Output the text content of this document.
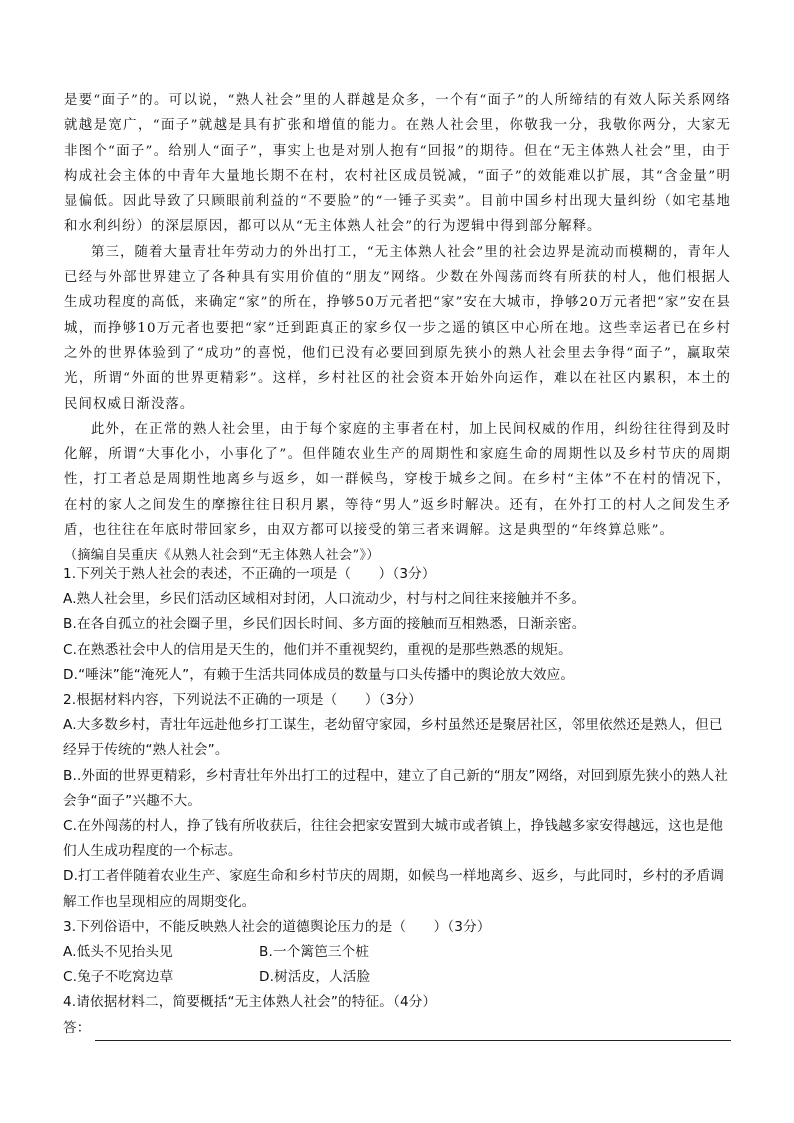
是要“面子”的。可以说，“熟人社会”里的人群越是众多，一个有“面子”的人所缔结的有效人际关系网络就越是宽广，“面子”就越是具有扩张和增值的能力。在熟人社会里，你敬我一分，我敬你两分，大家无非图个“面子”。给别人“面子”，事实上也是对别人抱有“回报”的期待。但在“无主体熟人社会”里，由于构成社会主体的中青年大量地长期不在村，农村社区成员锐减，“面子”的效能难以扩展，其“含金量”明显偏低。因此导致了只顾眼前利益的“不要脸”的“一锤子买卖”。目前中国乡村出现大量纠纷（如宅基地和水利纠纷）的深层原因，都可以从“无主体熟人社会”的行为逻辑中得到部分解释。

第三，随着大量青壮年劳动力的外出打工，“无主体熟人社会”里的社会边界是流动而模糊的，青年人已经与外部世界建立了各种具有实用价值的“朋友”网络。少数在外闯荡而终有所获的村人，他们根据人生成功程度的高低，来确定“家”的所在，挣够50万元者把“家”安在大城市，挣够20万元者把“家”安在县城，而挣够10万元者也要把“家”迁到距真正的家乡仅一步之遥的镇区中心所在地。这些幸运者已在乡村之外的世界体验到了“成功”的喜悦，他们已没有必要回到原先狭小的熟人社会里去争得“面子”，赢取荣光，所谓“外面的世界更精彩”。这样，乡村社区的社会资本开始外向运作，难以在社区内累积，本土的民间权威日渐没落。

此外，在正常的熟人社会里，由于每个家庭的主事者在村，加上民间权威的作用，纠纷往往得到及时化解，所谓“大事化小，小事化了”。但伴随农业生产的周期性和家庭生命的周期性以及乡村节庆的周期性，打工者总是周期性地离乡与返乡，如一群候鸟，穿梭于城乡之间。在乡村“主体”不在村的情况下，在村的家人之间发生的摩擦往往日积月累，等待“男人”返乡时解决。还有，在外打工的村人之间发生矛盾，也往往在年底时带回家乡，由双方都可以接受的第三者来调解。这是典型的“年终算总账”。

（摘编自吴重庆《从熟人社会到“无主体熟人社会”》）

1.下列关于熟人社会的表述，不正确的一项是（　　）（3分）

A.熟人社会里，乡民们活动区域相对封闭，人口流动少，村与村之间往来接触并不多。

B.在各自孤立的社会圈子里，乡民们因长时间、多方面的接触而互相熟悉，日渐亲密。

C.在熟悉社会中人的信用是天生的，他们并不重视契约，重视的是那些熟悉的规矩。

D.“唾沫”能“淹死人”，有赖于生活共同体成员的数量与口头传播中的舆论放大效应。

2.根据材料内容，下列说法不正确的一项是（　　）（3分）

A.大多数乡村，青壮年远赴他乡打工谋生，老幼留守家园，乡村虽然还是聚居社区，邻里依然还是熟人，但已经异于传统的“熟人社会”。

B..外面的世界更精彩，乡村青壮年外出打工的过程中，建立了自己新的“朋友”网络，对回到原先狭小的熟人社会争“面子”兴趣不大。

C.在外闯荡的村人，挣了钱有所收获后，往往会把家安置到大城市或者镇上，挣钱越多家安得越远，这也是他们人生成功程度的一个标志。

D.打工者伴随着农业生产、家庭生命和乡村节庆的周期，如候鸟一样地离乡、返乡，与此同时，乡村的矛盾调解工作也呈现相应的周期变化。

3.下列俗语中，不能反映熟人社会的道德舆论压力的是（　　）（3分）

A.低头不见抬头见	B.一个篱笆三个桩
C.兔子不吃窝边草	D.树活皮，人活脸

4.请依据材料二，简要概括“无主体熟人社会”的特征。（4分）

答：
